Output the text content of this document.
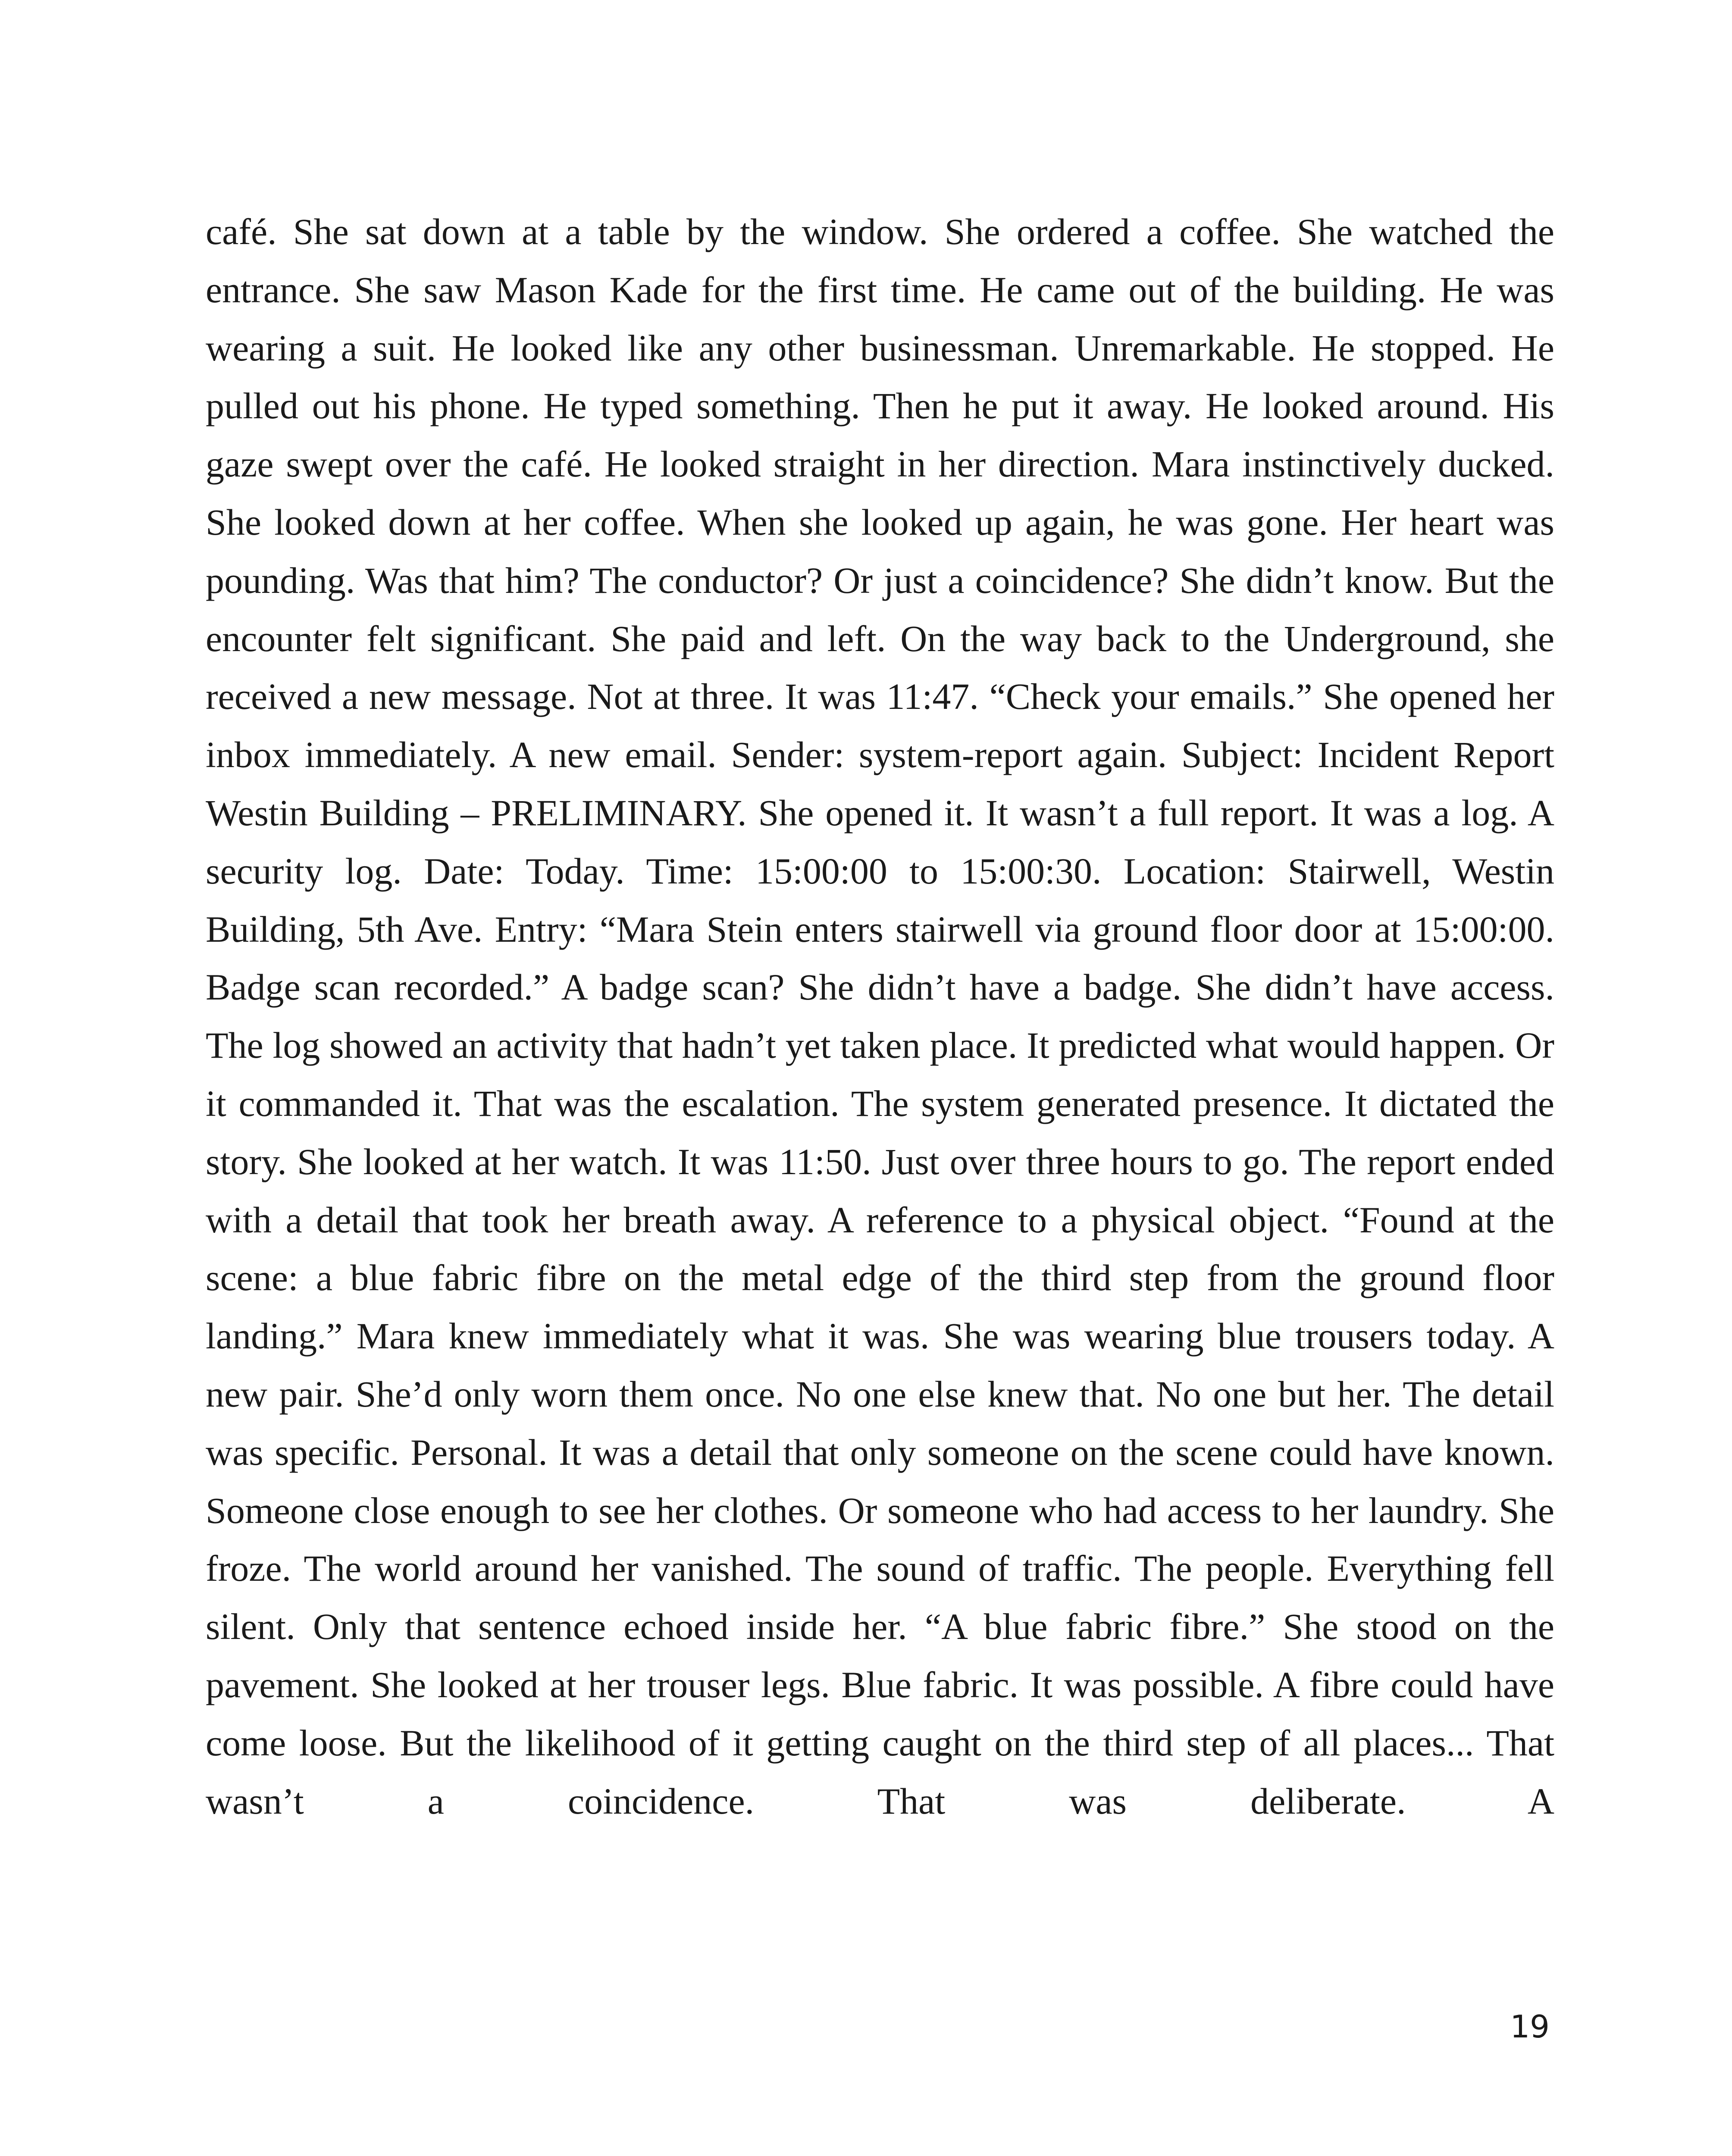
café. She sat down at a table by the window. She ordered a coffee. She watched the entrance. She saw Mason Kade for the first time. He came out of the building. He was wearing a suit. He looked like any other businessman. Unremarkable. He stopped. He pulled out his phone. He typed something. Then he put it away. He looked around. His gaze swept over the café. He looked straight in her direction. Mara instinctively ducked. She looked down at her coffee. When she looked up again, he was gone. Her heart was pounding. Was that him? The conductor? Or just a coincidence? She didn’t know. But the encounter felt significant. She paid and left. On the way back to the Underground, she received a new message. Not at three. It was 11:47. “Check your emails.” She opened her inbox immediately. A new email. Sender: system-report again. Subject: Incident Report Westin Building – PRELIMINARY. She opened it. It wasn’t a full report. It was a log. A security log. Date: Today. Time: 15:00:00 to 15:00:30. Location: Stairwell, Westin Building, 5th Ave. Entry: “Mara Stein enters stairwell via ground floor door at 15:00:00. Badge scan recorded.” A badge scan? She didn’t have a badge. She didn’t have access. The log showed an activity that hadn’t yet taken place. It predicted what would happen. Or it commanded it. That was the escalation. The system generated presence. It dictated the story. She looked at her watch. It was 11:50. Just over three hours to go. The report ended with a detail that took her breath away. A reference to a physical object. “Found at the scene: a blue fabric fibre on the metal edge of the third step from the ground floor landing.” Mara knew immediately what it was. She was wearing blue trousers today. A new pair. She’d only worn them once. No one else knew that. No one but her. The detail was specific. Personal. It was a detail that only someone on the scene could have known. Someone close enough to see her clothes. Or someone who had access to her laundry. She froze. The world around her vanished. The sound of traffic. The people. Everything fell silent. Only that sentence echoed inside her. “A blue fabric fibre.” She stood on the pavement. She looked at her trouser legs. Blue fabric. It was possible. A fibre could have come loose. But the likelihood of it getting caught on the third step of all places... That wasn’t a coincidence. That was deliberate. A

19
